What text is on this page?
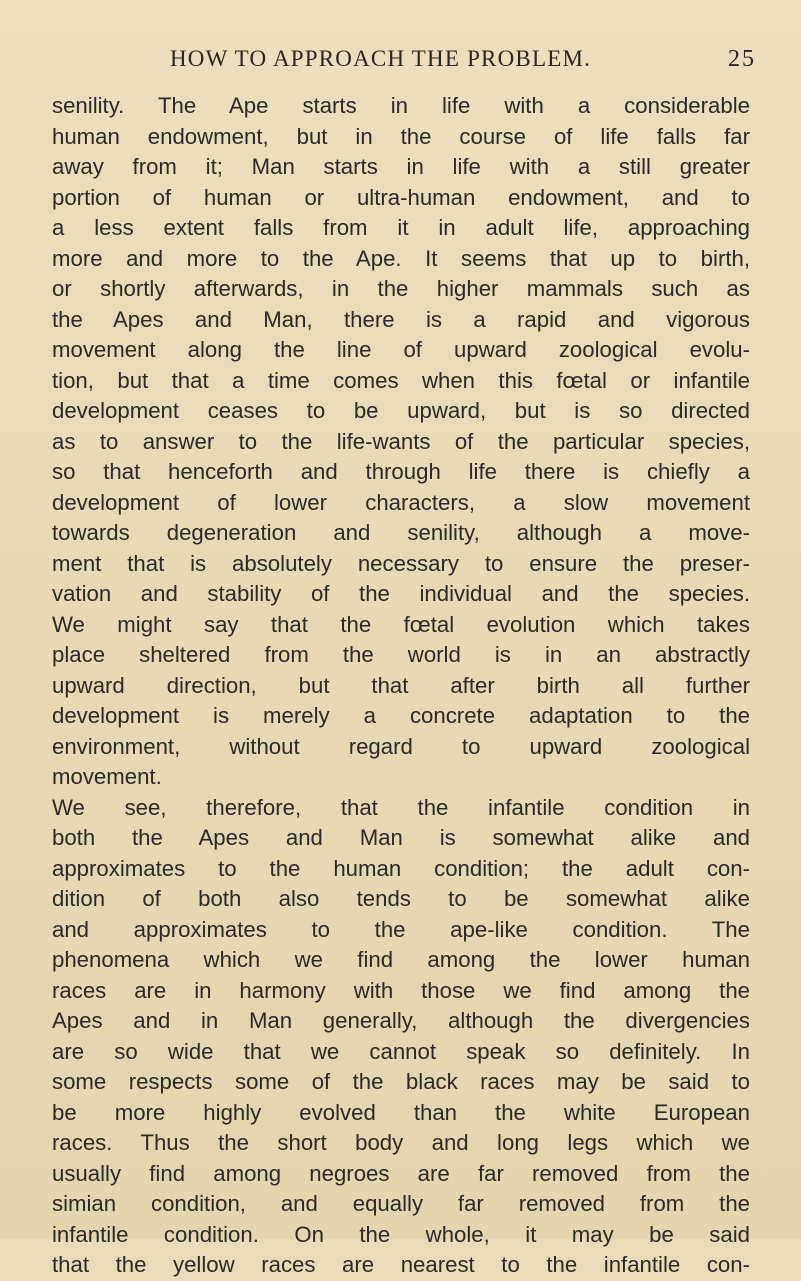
HOW TO APPROACH THE PROBLEM.	25
senility. The Ape starts in life with a considerable
human endowment, but in the course of life falls far
away from it; Man starts in life with a still greater
portion of human or ultra-human endowment, and to
a less extent falls from it in adult life, approaching
more and more to the Ape. It seems that up to birth,
or shortly afterwards, in the higher mammals such as
the Apes and Man, there is a rapid and vigorous
movement along the line of upward zoological evolu-
tion, but that a time comes when this fœtal or infantile
development ceases to be upward, but is so directed
as to answer to the life-wants of the particular species,
so that henceforth and through life there is chiefly a
development of lower characters, a slow movement
towards degeneration and senility, although a move-
ment that is absolutely necessary to ensure the preser-
vation and stability of the individual and the species.
We might say that the fœtal evolution which takes
place sheltered from the world is in an abstractly
upward direction, but that after birth all further
development is merely a concrete adaptation to the
environment, without regard to upward zoological
movement.
We see, therefore, that the infantile condition in
both the Apes and Man is somewhat alike and
approximates to the human condition; the adult con-
dition of both also tends to be somewhat alike
and approximates to the ape-like condition. The
phenomena which we find among the lower human
races are in harmony with those we find among the
Apes and in Man generally, although the divergencies
are so wide that we cannot speak so definitely. In
some respects some of the black races may be said to
be more highly evolved than the white European
races. Thus the short body and long legs which we
usually find among negroes are far removed from the
simian condition, and equally far removed from the
infantile condition. On the whole, it may be said
that the yellow races are nearest to the infantile con-
